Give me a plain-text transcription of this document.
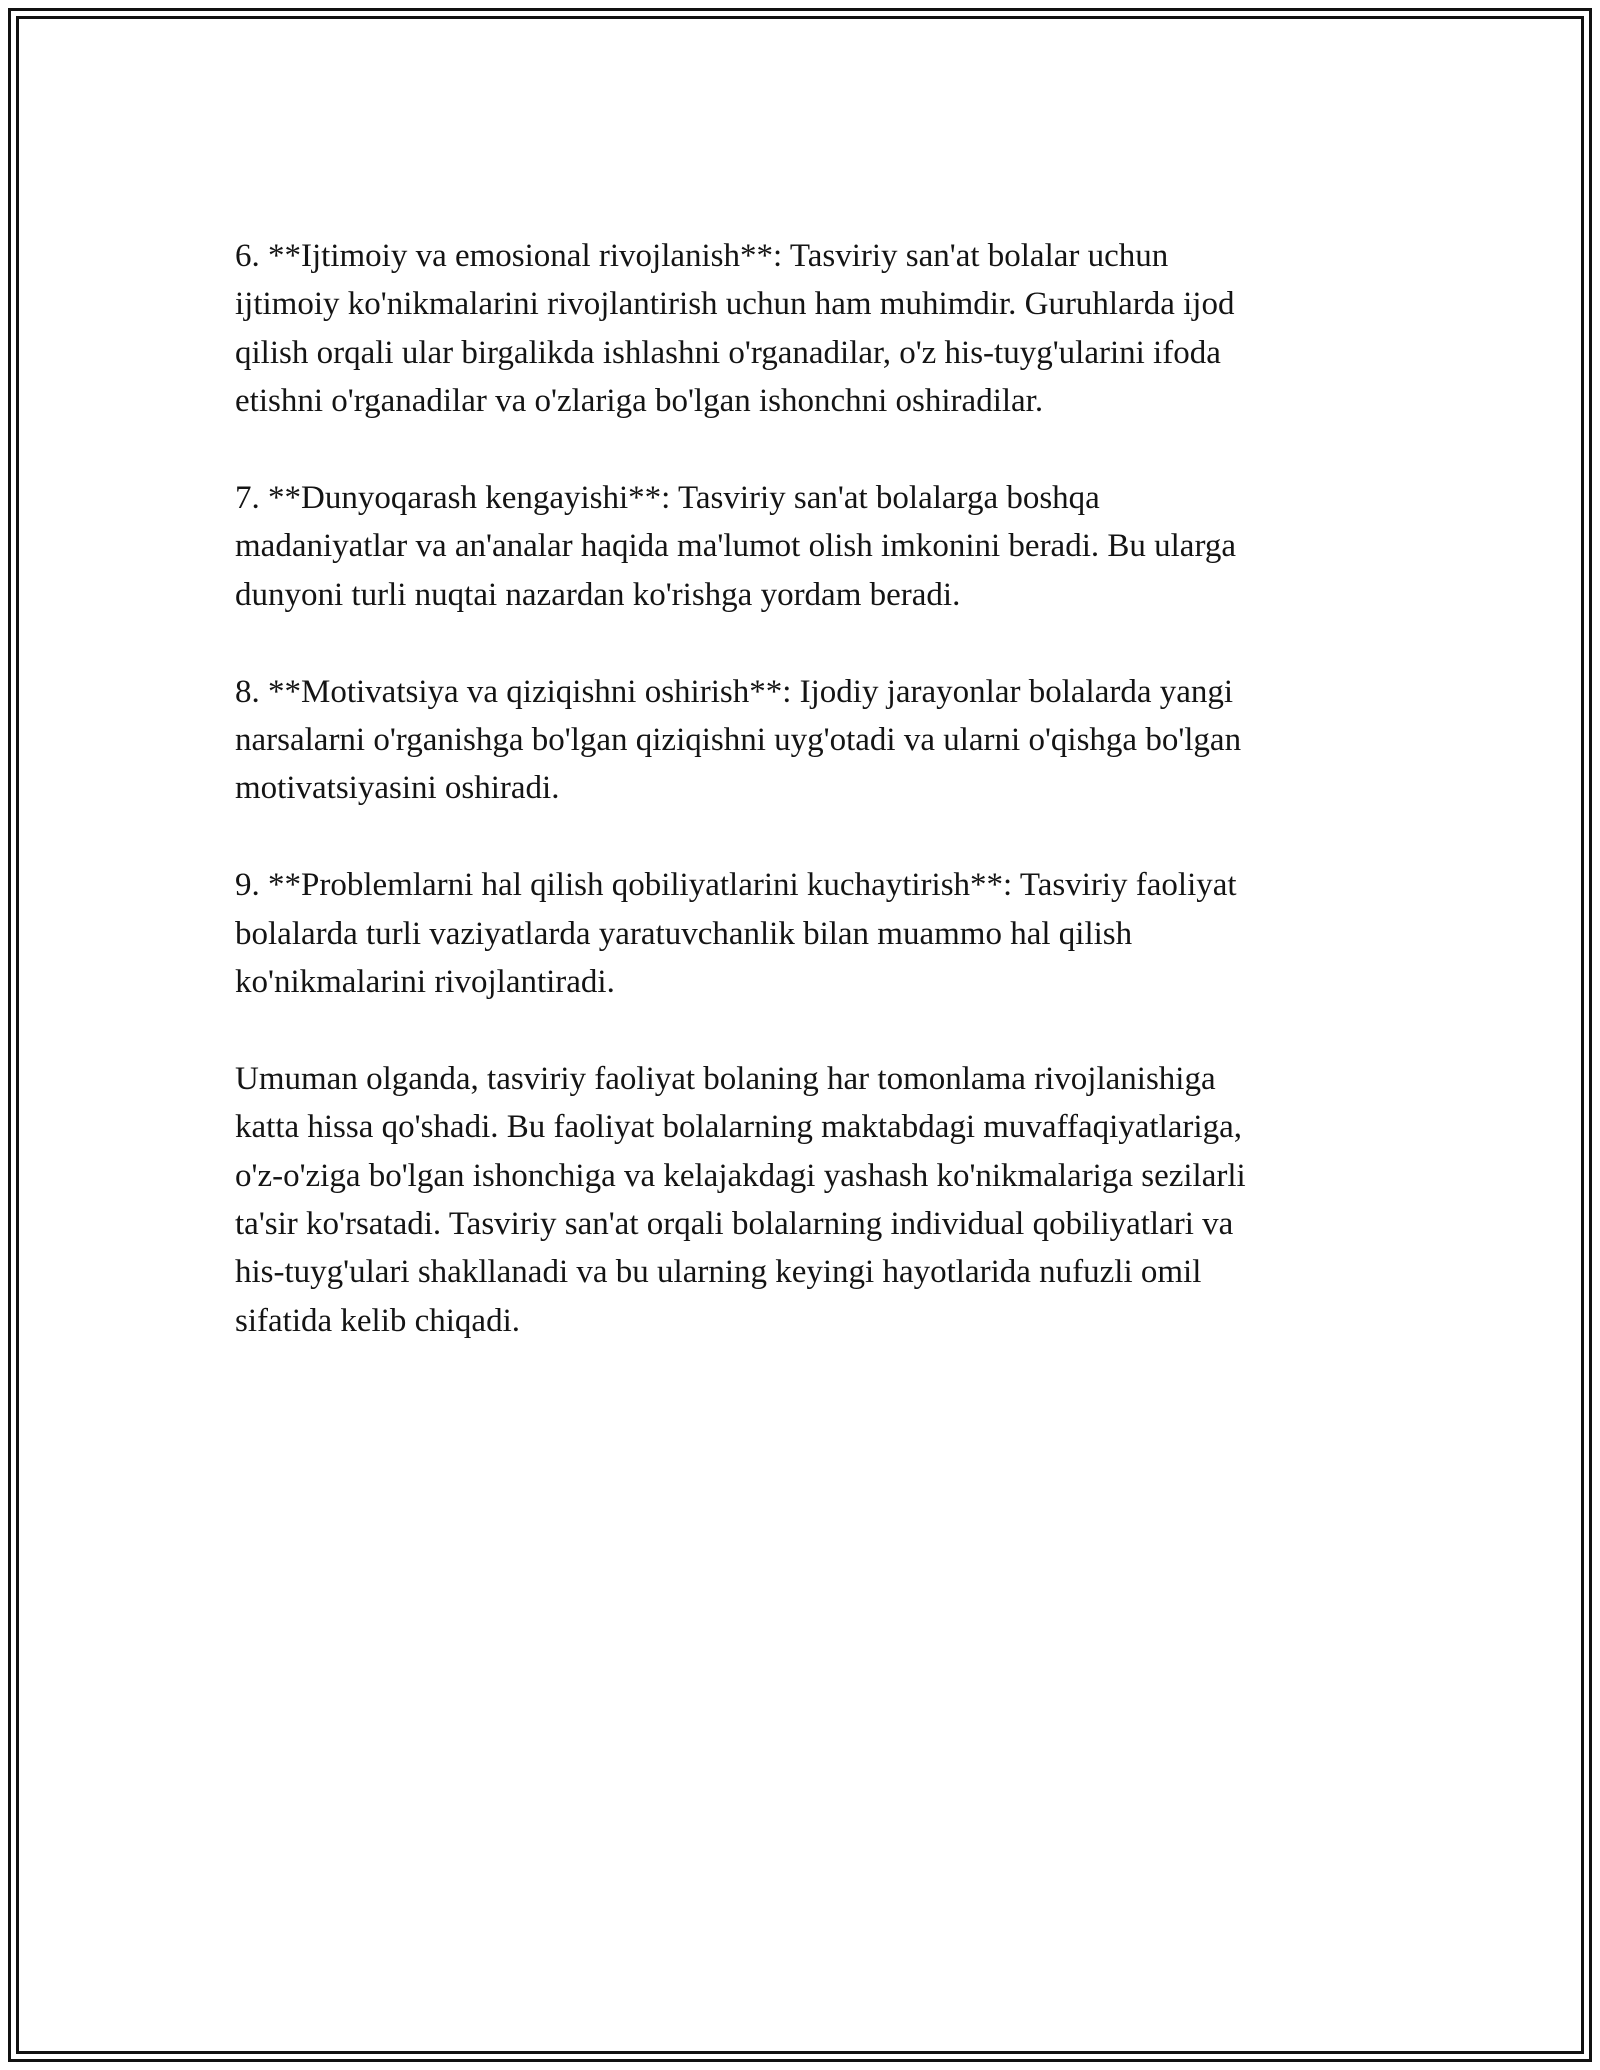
6. **Ijtimoiy va emosional rivojlanish**: Tasviriy san'at bolalar uchun
ijtimoiy ko'nikmalarini rivojlantirish uchun ham muhimdir. Guruhlarda ijod
qilish orqali ular birgalikda ishlashni o'rganadilar, o'z his-tuyg'ularini ifoda
etishni o'rganadilar va o'zlariga bo'lgan ishonchni oshiradilar.
7. **Dunyoqarash kengayishi**: Tasviriy san'at bolalarga boshqa
madaniyatlar va an'analar haqida ma'lumot olish imkonini beradi. Bu ularga
dunyoni turli nuqtai nazardan ko'rishga yordam beradi.
8. **Motivatsiya va qiziqishni oshirish**: Ijodiy jarayonlar bolalarda yangi
narsalarni o'rganishga bo'lgan qiziqishni uyg'otadi va ularni o'qishga bo'lgan
motivatsiyasini oshiradi.
9. **Problemlarni hal qilish qobiliyatlarini kuchaytirish**: Tasviriy faoliyat
bolalarda turli vaziyatlarda yaratuvchanlik bilan muammo hal qilish
ko'nikmalarini rivojlantiradi.
Umuman olganda, tasviriy faoliyat bolaning har tomonlama rivojlanishiga
katta hissa qo'shadi. Bu faoliyat bolalarning maktabdagi muvaffaqiyatlariga,
o'z-o'ziga bo'lgan ishonchiga va kelajakdagi yashash ko'nikmalariga sezilarli
ta'sir ko'rsatadi. Tasviriy san'at orqali bolalarning individual qobiliyatlari va
his-tuyg'ulari shakllanadi va bu ularning keyingi hayotlarida nufuzli omil
sifatida kelib chiqadi.
